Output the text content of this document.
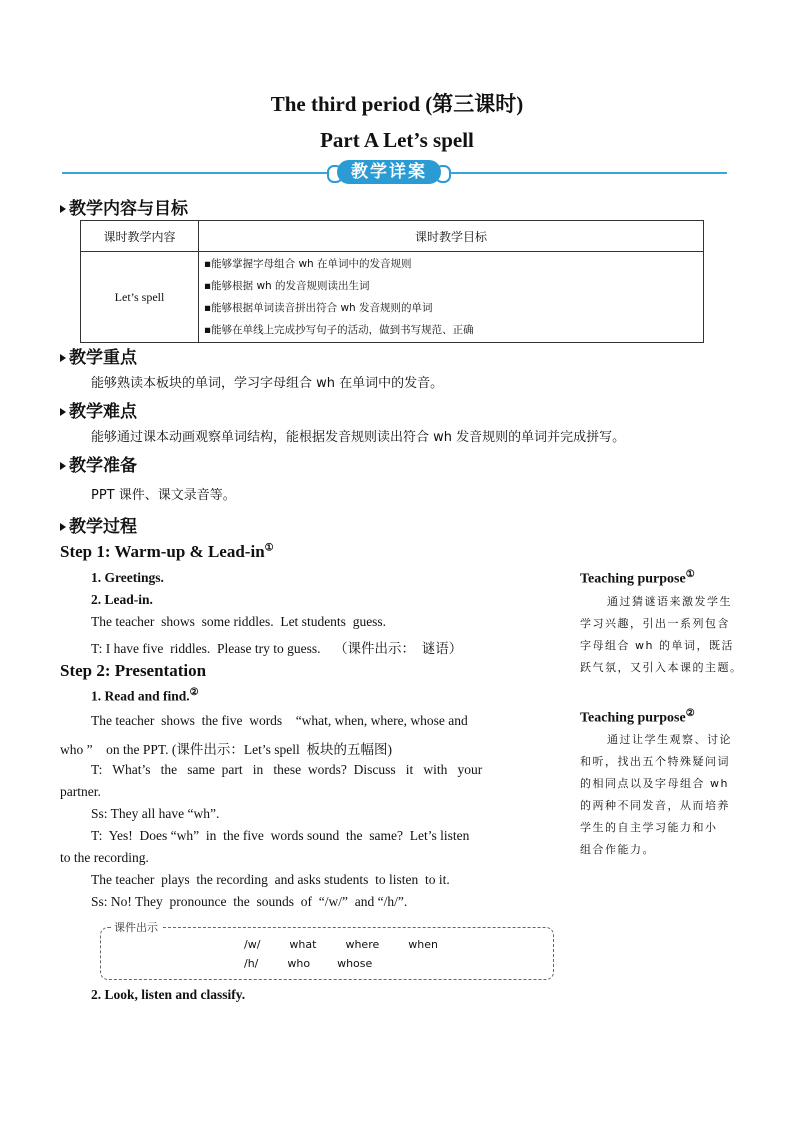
The third period (第三课时)
Part A Let’s spell
教学详案
教学内容与目标
课时教学内容	课时教学目标
Let’s spell	▪能够掌握字母组合 wh 在单词中的发音规则
▪能够根据 wh 的发音规则读出生词
▪能够根据单词读音拼出符合 wh 发音规则的单词
▪能够在单线上完成抄写句子的活动，做到书写规范、正确
教学重点
能够熟读本板块的单词，学习字母组合 wh 在单词中的发音。
教学难点
能够通过课本动画观察单词结构，能根据发音规则读出符合 wh 发音规则的单词并完成拼写。
教学准备
PPT 课件、课文录音等。
教学过程
Step 1: Warm-up & Lead-in①
1. Greetings.
2. Lead-in.
The teacher  shows  some riddles.  Let students  guess.
T: I have five  riddles.  Please try to guess.    （课件出示：  谜语）
Step 2: Presentation
1. Read and find.②
The teacher  shows  the five  words    “what, when, where, whose and
who ”    on the PPT. (课件出示：Let’s spell  板块的五幅图)
T:   What’s   the   same  part   in   these  words?  Discuss   it   with   your
partner.
Ss: They all have “wh”.
T:  Yes!  Does “wh”  in  the five  words sound  the  same?  Let’s listen
to the recording.
The teacher  plays  the recording  and asks students  to listen  to it.
Ss: No! They  pronounce  the  sounds  of  “/w/”  and “/h/”.
课件出示
/w/	what	where	when
/h/	who whose
2. Look, listen and classify.
Teaching purpose①
通过猜谜语来激发学生
学习兴趣，引出一系列包含
字母组合 wh 的单词，既活
跃气氛，又引入本课的主题。
Teaching purpose②
通过让学生观察、讨论
和听，找出五个特殊疑问词
的相同点以及字母组合 wh
的两种不同发音，从而培养
学生的自主学习能力和小
组合作能力。
